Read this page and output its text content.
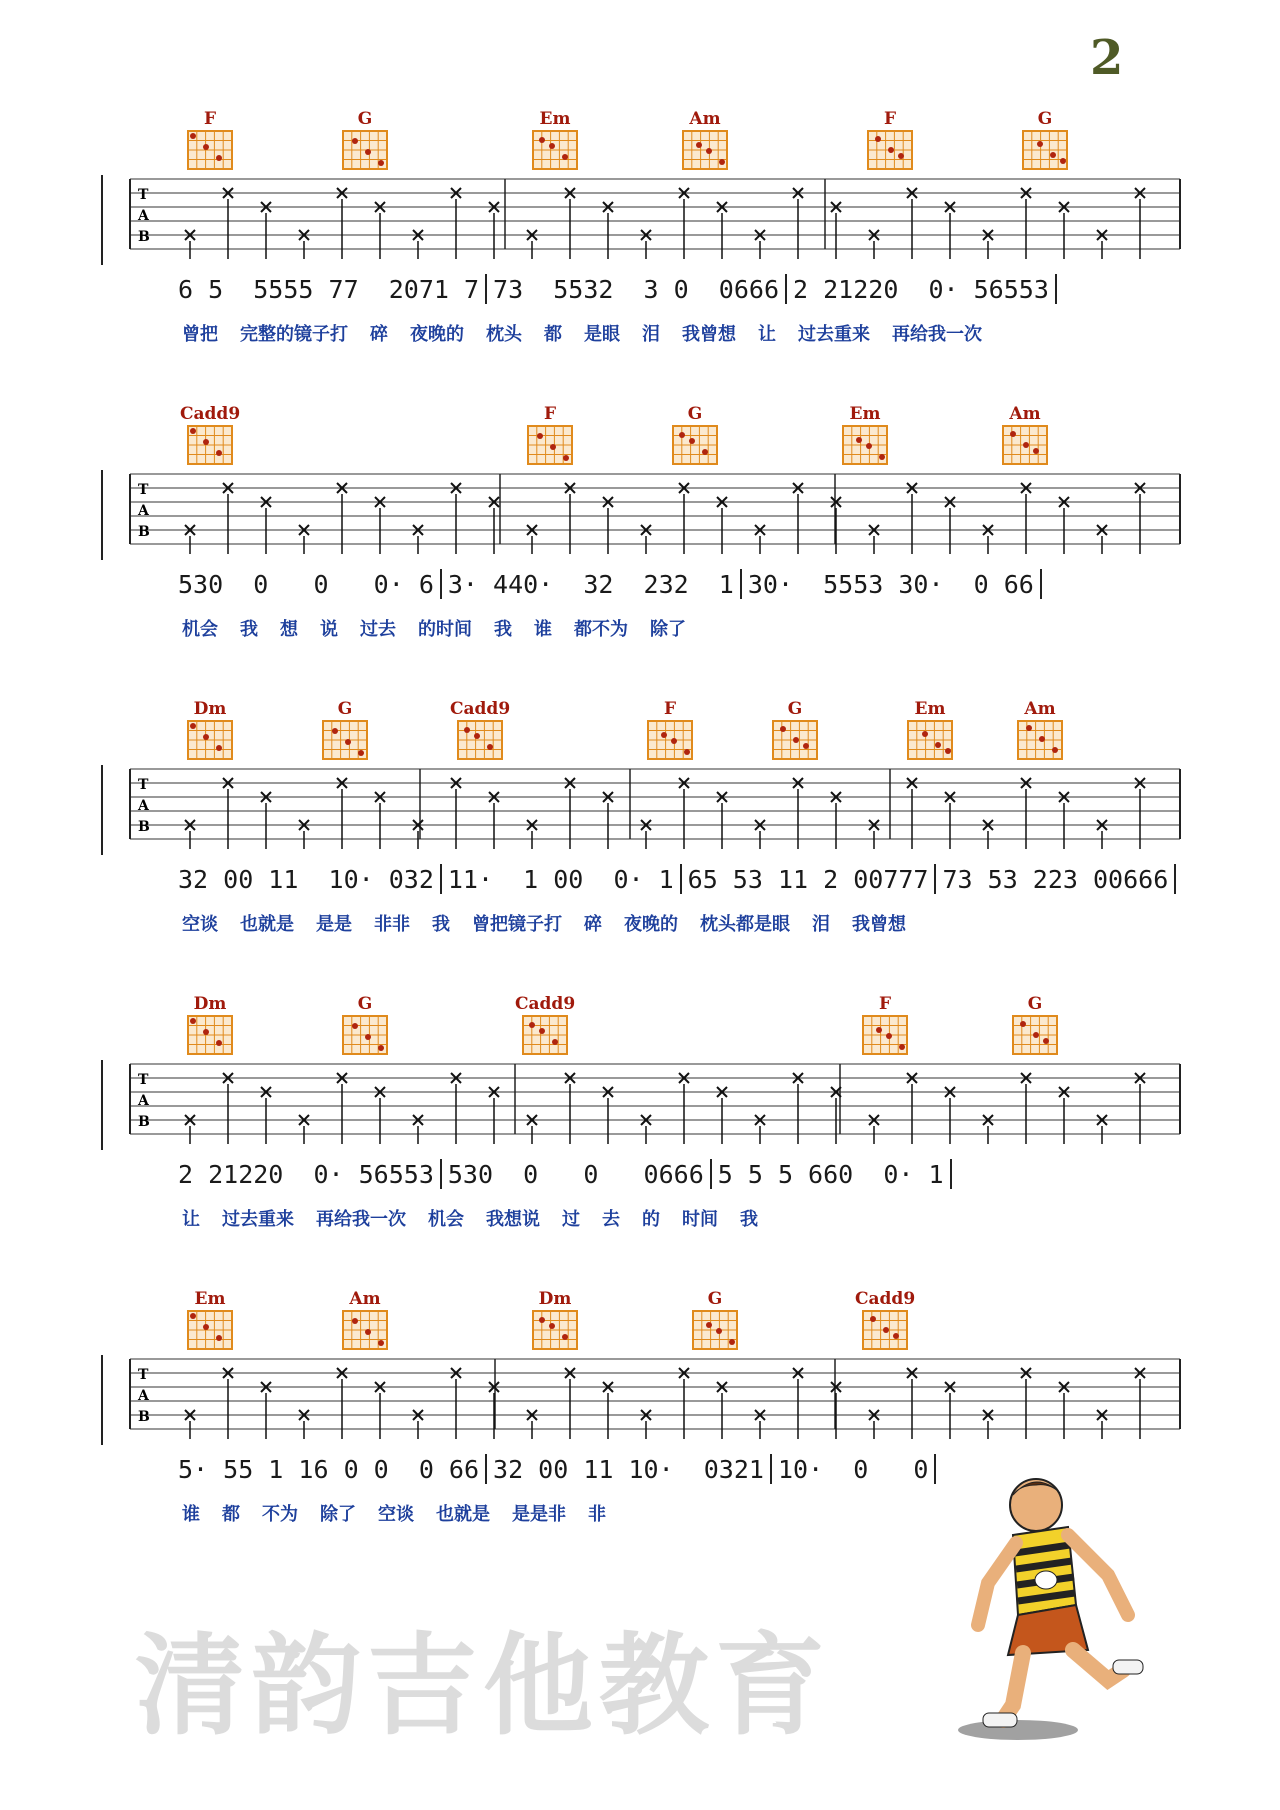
2
F	G	Em	Am	F	G
T
A
B
6 5  5555 77  2071 7 73  5532  3 0  0666 2 21220  0· 56553
曾把 完整的镜子打 碎 夜晚的 枕头 都 是眼 泪 我曾想 让 过去重来 再给我一次
Cadd9	F	G	Em	Am
T
A
B
530  0   0   0· 6 3· 440·  32  232  1 30·  5553 30·  0 66
机会 我 想 说 过去 的时间 我 谁 都不为 除了
Dm	G	Cadd9	F	G	Em	Am
T
A
B
32 00 11  10· 032 11·  1 00  0· 1 65 53 11 2 00777 73 53 223 00666
空谈 也就是 是是 非非 我 曾把镜子打 碎 夜晚的 枕头都是眼 泪 我曾想
Dm	G	Cadd9	F	G
T
A
B
2 21220  0· 56553 530  0   0   0666 5 5 5 660  0· 1
让 过去重来 再给我一次 机会 我想说 过 去 的 时间 我
Em	Am	Dm	G	Cadd9
T
A
B
5· 55 1 16 0 0  0 66 32 00 11 10·  0321 10·  0   0
谁 都 不为 除了 空谈 也就是 是是非 非
清韵吉他教育
